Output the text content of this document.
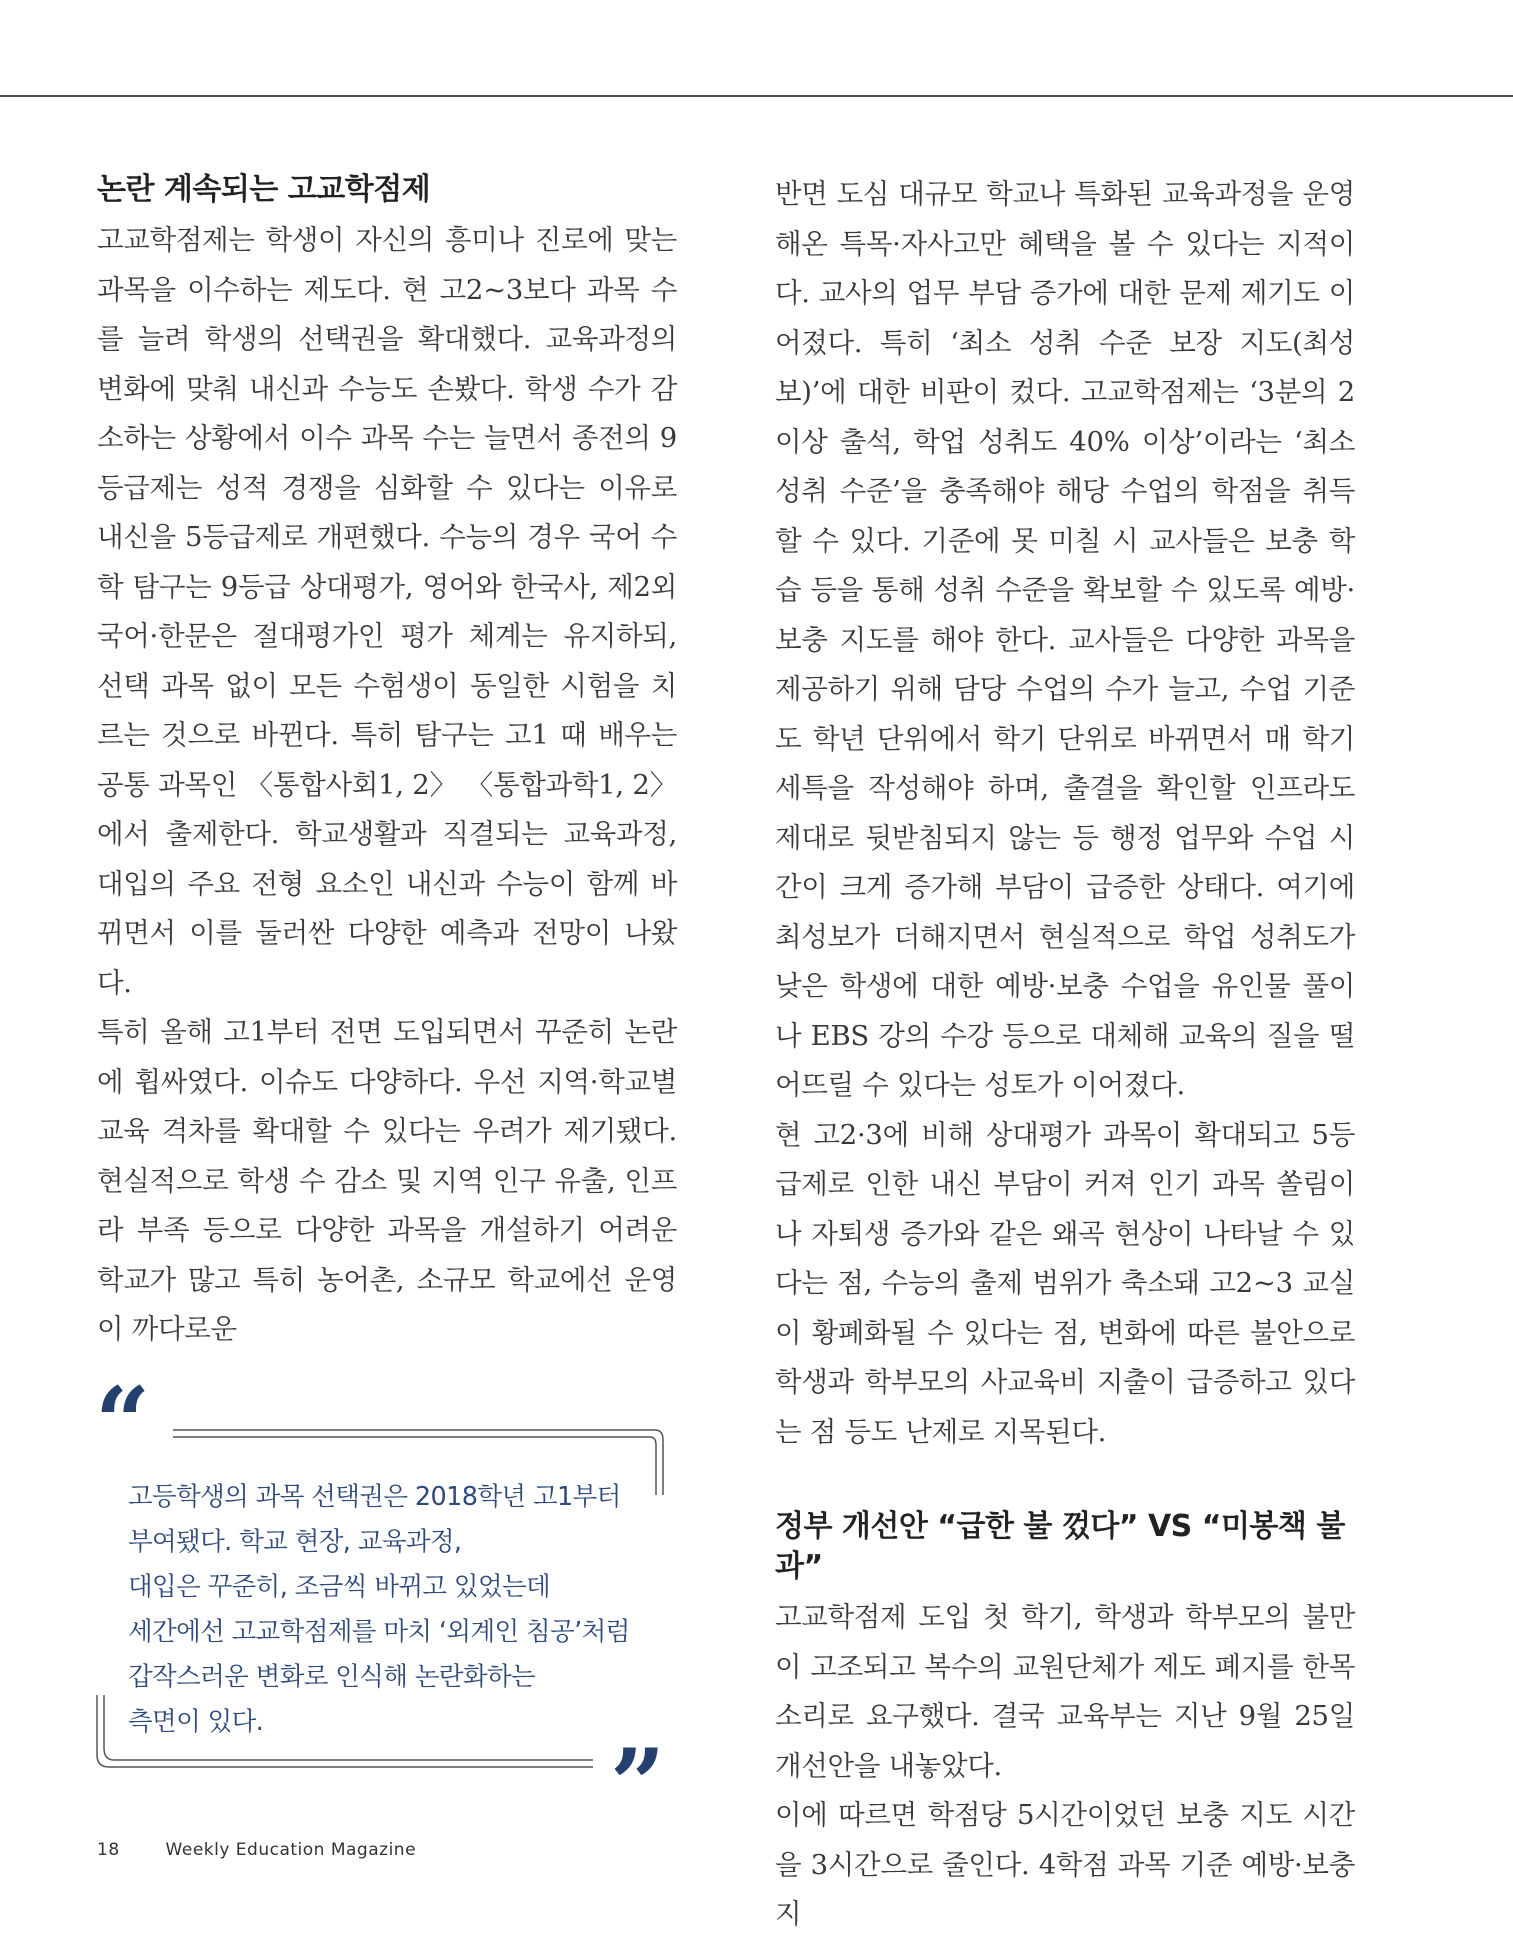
논란 계속되는 고교학점제

고교학점제는 학생이 자신의 흥미나 진로에 맞는 과목을 이수하는 제도다. 현 고2~3보다 과목 수를 늘려 학생의 선택권을 확대했다. 교육과정의 변화에 맞춰 내신과 수능도 손봤다. 학생 수가 감소하는 상황에서 이수 과목 수는 늘면서 종전의 9등급제는 성적 경쟁을 심화할 수 있다는 이유로 내신을 5등급제로 개편했다. 수능의 경우 국어 수학 탐구는 9등급 상대평가, 영어와 한국사, 제2외국어·한문은 절대평가인 평가 체계는 유지하되, 선택 과목 없이 모든 수험생이 동일한 시험을 치르는 것으로 바뀐다. 특히 탐구는 고1 때 배우는 공통 과목인 〈통합사회1, 2〉 〈통합과학1, 2〉에서 출제한다. 학교생활과 직결되는 교육과정, 대입의 주요 전형 요소인 내신과 수능이 함께 바뀌면서 이를 둘러싼 다양한 예측과 전망이 나왔다.

특히 올해 고1부터 전면 도입되면서 꾸준히 논란에 휩싸였다. 이슈도 다양하다. 우선 지역·학교별 교육 격차를 확대할 수 있다는 우려가 제기됐다. 현실적으로 학생 수 감소 및 지역 인구 유출, 인프라 부족 등으로 다양한 과목을 개설하기 어려운 학교가 많고 특히 농어촌, 소규모 학교에선 운영이 까다로운

“
”
고등학생의 과목 선택권은 2018학년 고1부터
부여됐다. 학교 현장, 교육과정,
대입은 꾸준히, 조금씩 바뀌고 있었는데
세간에선 고교학점제를 마치 ‘외계인 침공’처럼
갑작스러운 변화로 인식해 논란화하는
측면이 있다.

반면 도심 대규모 학교나 특화된 교육과정을 운영해온 특목·자사고만 혜택을 볼 수 있다는 지적이다. 교사의 업무 부담 증가에 대한 문제 제기도 이어졌다. 특히 ‘최소 성취 수준 보장 지도(최성보)’에 대한 비판이 컸다. 고교학점제는 ‘3분의 2 이상 출석, 학업 성취도 40% 이상’이라는 ‘최소 성취 수준’을 충족해야 해당 수업의 학점을 취득할 수 있다. 기준에 못 미칠 시 교사들은 보충 학습 등을 통해 성취 수준을 확보할 수 있도록 예방·보충 지도를 해야 한다. 교사들은 다양한 과목을 제공하기 위해 담당 수업의 수가 늘고, 수업 기준도 학년 단위에서 학기 단위로 바뀌면서 매 학기 세특을 작성해야 하며, 출결을 확인할 인프라도 제대로 뒷받침되지 않는 등 행정 업무와 수업 시간이 크게 증가해 부담이 급증한 상태다. 여기에 최성보가 더해지면서 현실적으로 학업 성취도가 낮은 학생에 대한 예방·보충 수업을 유인물 풀이나 EBS 강의 수강 등으로 대체해 교육의 질을 떨어뜨릴 수 있다는 성토가 이어졌다.

현 고2·3에 비해 상대평가 과목이 확대되고 5등급제로 인한 내신 부담이 커져 인기 과목 쏠림이나 자퇴생 증가와 같은 왜곡 현상이 나타날 수 있다는 점, 수능의 출제 범위가 축소돼 고2~3 교실이 황폐화될 수 있다는 점, 변화에 따른 불안으로 학생과 학부모의 사교육비 지출이 급증하고 있다는 점 등도 난제로 지목된다.

정부 개선안 “급한 불 껐다” VS “미봉책 불과”

고교학점제 도입 첫 학기, 학생과 학부모의 불만이 고조되고 복수의 교원단체가 제도 폐지를 한목소리로 요구했다. 결국 교육부는 지난 9월 25일 개선안을 내놓았다.

이에 따르면 학점당 5시간이었던 보충 지도 시간을 3시간으로 줄인다. 4학점 과목 기준 예방·보충 지

18	Weekly Education Magazine
